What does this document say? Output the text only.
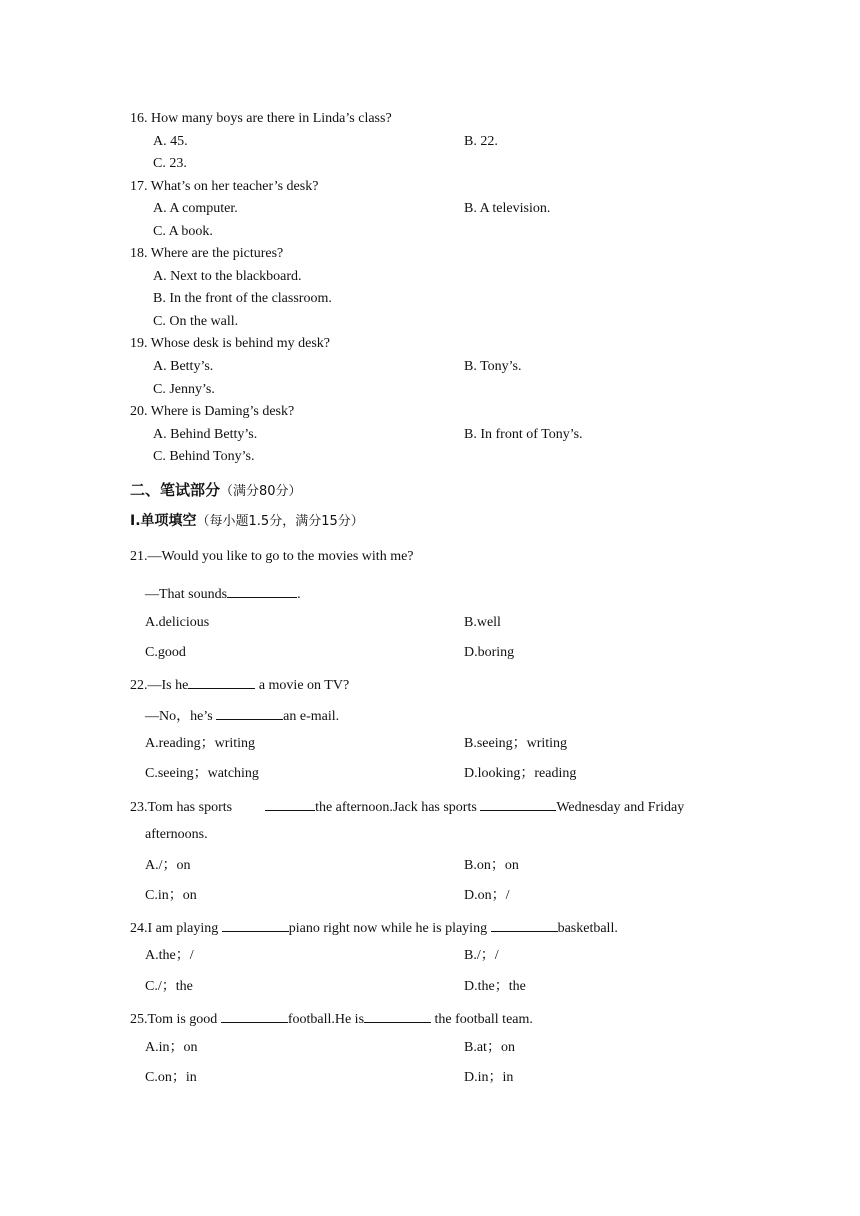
16. How many boys are there in Linda’s class?
A. 45.	B. 22.
C. 23.
17. What’s on her teacher’s desk?
A. A computer.	B. A television.
C. A book.
18. Where are the pictures?
A. Next to the blackboard.
B. In the front of the classroom.
C. On the wall.
19. Whose desk is behind my desk?
A. Betty’s.	B. Tony’s.
C. Jenny’s.
20. Where is Daming’s desk?
A. Behind Betty’s.	B. In front of Tony’s.
C. Behind Tony’s.
二、笔试部分（满分80分）
Ⅰ.单项填空（每小题1.5分，满分15分）
21.—Would you like to go to the movies with me?
—That sounds	.
A.delicious	B.well
C.good	D.boring
22.—Is he	a movie on TV?
—No，he’s	an e-mail.
A.reading；writing	B.seeing；writing
C.seeing；watching	D.looking；reading
23.Tom has sports	the afternoon.Jack has sports	Wednesday and Friday
afternoons.
A./；on	B.on；on
C.in；on	D.on；/
24.I am playing	piano right now while he is playing	basketball.
A.the；/	B./；/
C./；the	D.the；the
25.Tom is good	football.He is	the football team.
A.in；on	B.at；on
C.on；in	D.in；in
